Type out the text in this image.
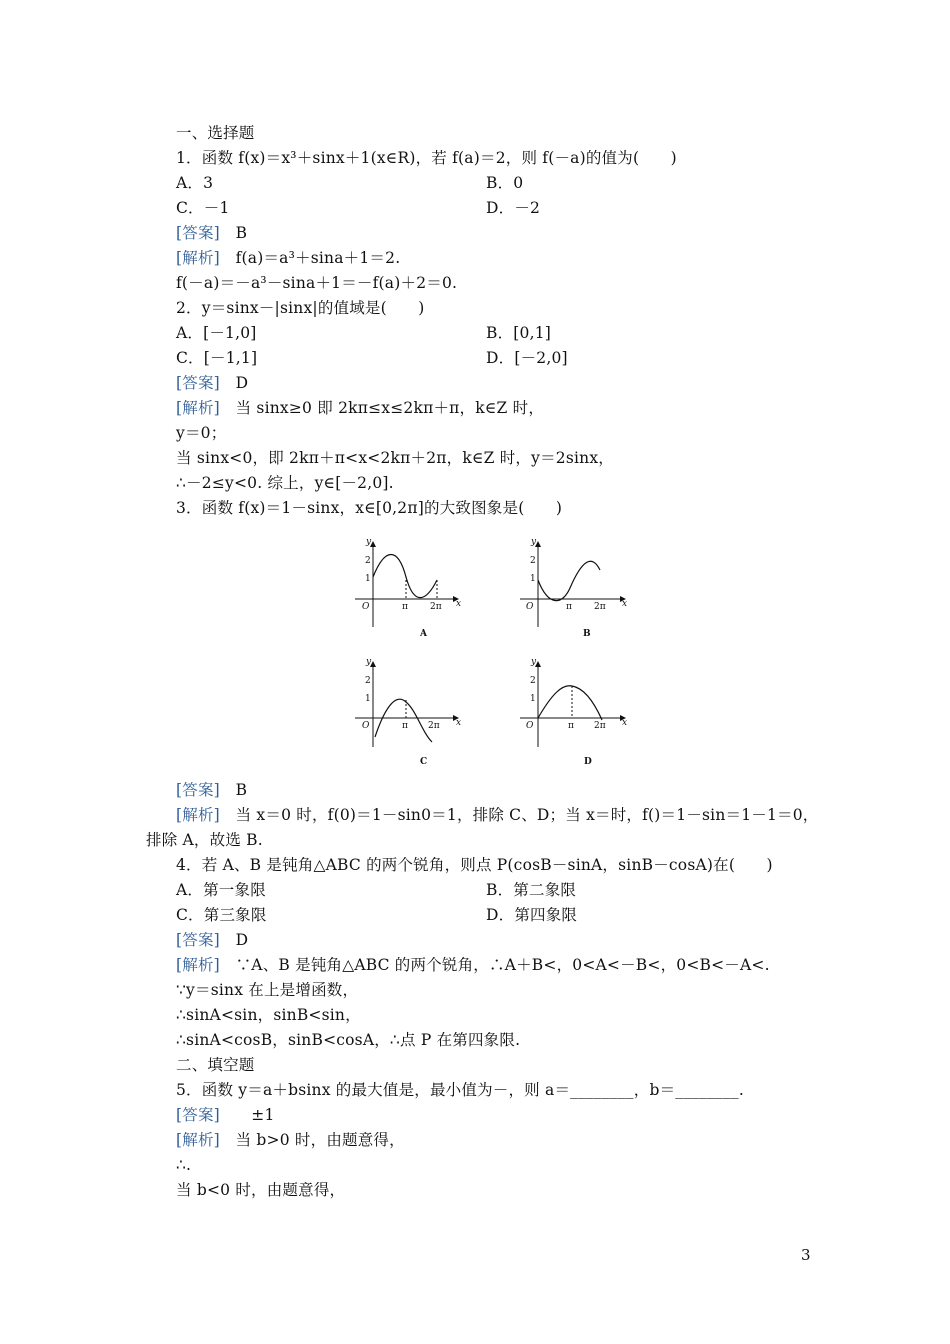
一、选择题
1．函数 f(x)＝x³＋sinx＋1(x∈R)，若 f(a)＝2，则 f(－a)的值为(　　)
A．3	B．0
C．－1	D．－2
[答案]　 B
[解析]　 f(a)＝a³＋sina＋1＝2.
f(－a)＝－a³－sina＋1＝－f(a)＋2＝0.
2．y＝sinx－|sinx|的值域是(　　)
A．[－1,0]	B．[0,1]
C．[－1,1]	D．[－2,0]
[答案]　 D
[解析]　 当 sinx≥0 即 2kπ≤x≤2kπ＋π，k∈Z 时，
y＝0；
当 sinx<0，即 2kπ＋π<x<2kπ＋2π，k∈Z 时，y＝2sinx，
∴－2≤y<0. 综上，y∈[－2,0].
3．函数 f(x)＝1－sinx，x∈[0,2π]的大致图象是(　　)
y
x
O
2
1
π 2π
A
y
x
O
2
1
π 2π
B
y
x
O
2
1
π 2π
C
y
x
O
2
1
π 2π
D
[答案]　 B
[解析]　 当 x＝0 时，f(0)＝1－sin0＝1，排除 C、D；当 x＝时，f()＝1－sin＝1－1＝0，
排除 A，故选 B.
4．若 A、B 是钝角△ABC 的两个锐角，则点 P(cosB－sinA，sinB－cosA)在(　　)
A．第一象限	B．第二象限
C．第三象限	D．第四象限
[答案]　 D
[解析]　 ∵A、B 是钝角△ABC 的两个锐角，∴A＋B<，0<A<－B<，0<B<－A<.
∵y＝sinx 在上是增函数，
∴sinA<sin，sinB<sin，
∴sinA<cosB，sinB<cosA，∴点 P 在第四象限.
二、填空题
5．函数 y＝a＋bsinx 的最大值是，最小值为－，则 a＝________，b＝________.
[答案]　　±1
[解析]　 当 b>0 时，由题意得，
∴.
当 b<0 时，由题意得，
3
